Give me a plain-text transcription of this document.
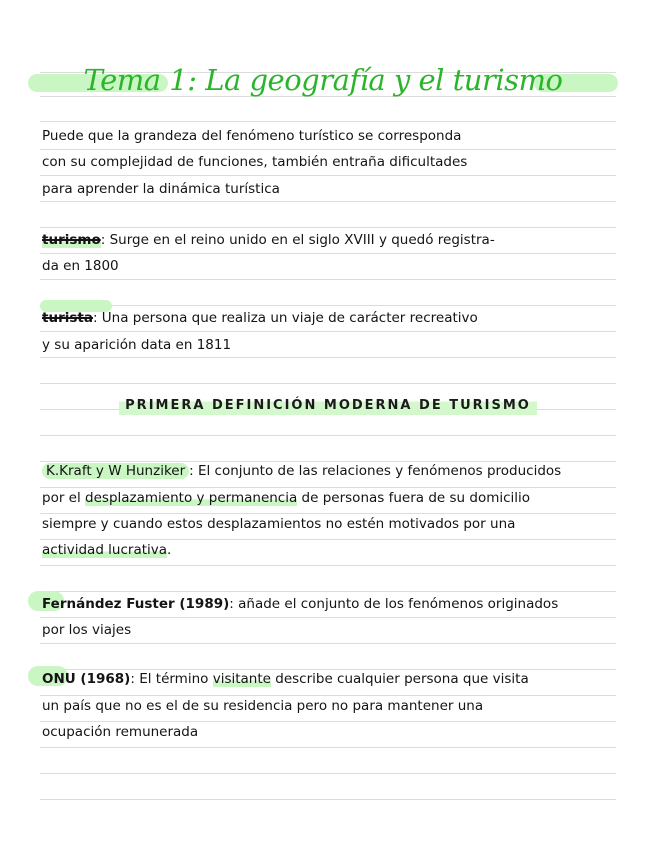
Tema 1: La geografía y el turismo
Puede que la grandeza del fenómeno turístico se corresponda
con su complejidad de funciones, también entraña dificultades
para aprender la dinámica turística
turismo: Surge en el reino unido en el siglo XVIII y quedó registra-
da en 1800
turista: Una persona que realiza un viaje de carácter recreativo
y su aparición data en 1811
PRIMERA DEFINICIÓN MODERNA DE TURISMO
K.Kraft y W Hunziker : El conjunto de las relaciones y fenómenos producidos
por el desplazamiento y permanencia de personas fuera de su domicilio
siempre y cuando estos desplazamientos no estén motivados por una
actividad lucrativa.
Fernández Fuster (1989): añade el conjunto de los fenómenos originados
por los viajes
ONU (1968): El término visitante describe cualquier persona que visita
un país que no es el de su residencia pero no para mantener una
ocupación remunerada
